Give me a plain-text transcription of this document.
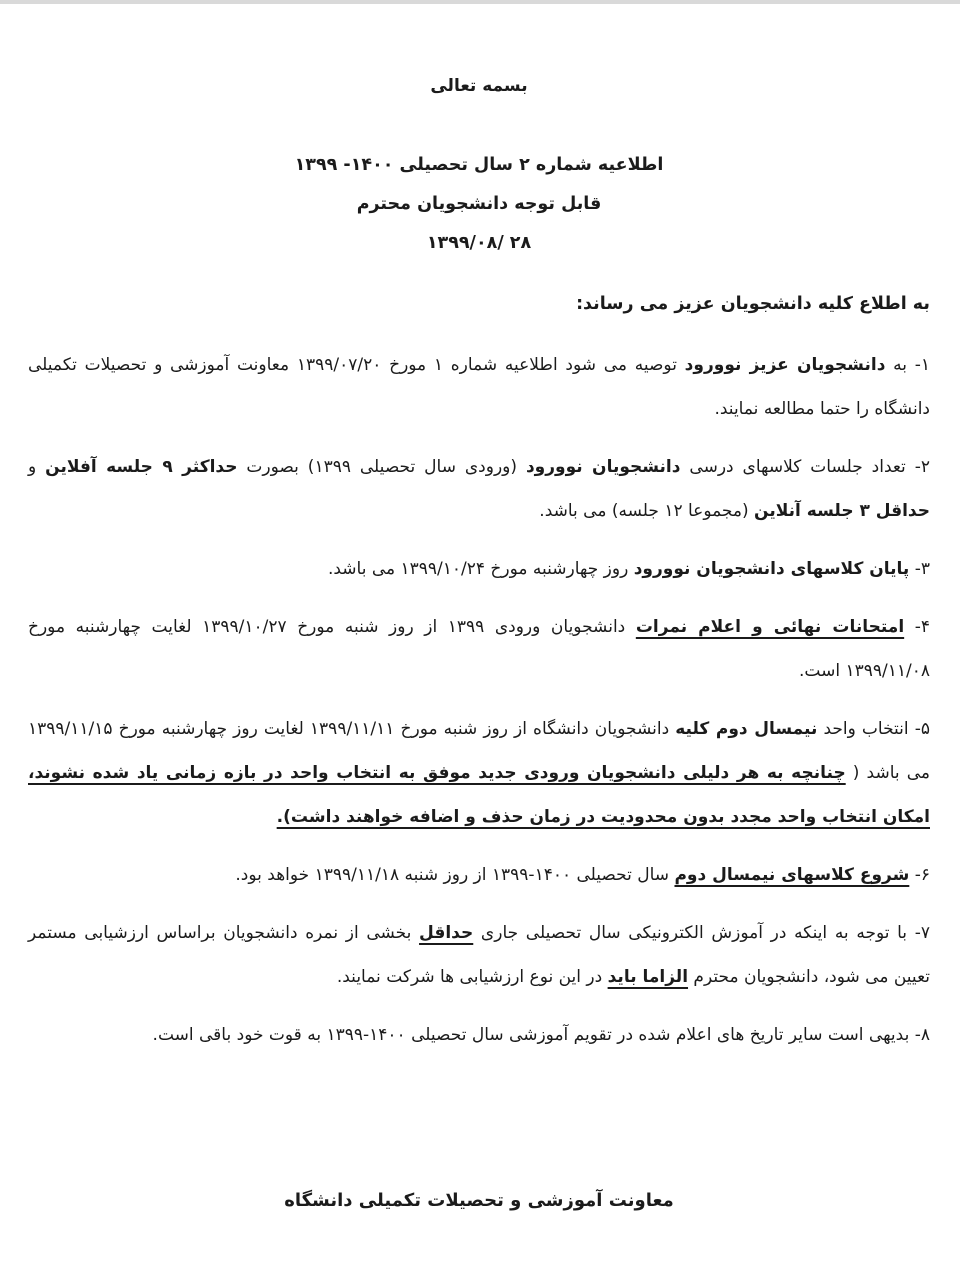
بسمه تعالی

اطلاعیه شماره ۲ سال تحصیلی ۱۴۰۰- ۱۳۹۹
قابل توجه دانشجویان محترم
۲۸ /۱۳۹۹/۰۸

به اطلاع کلیه دانشجویان عزیز می رساند:

۱- به دانشجویان عزیز نوورود توصیه می شود اطلاعیه شماره ۱ مورخ ۱۳۹۹/۰۷/۲۰ معاونت آموزشی و تحصیلات تکمیلی دانشگاه را حتما مطالعه نمایند.

۲- تعداد جلسات کلاسهای درسی دانشجویان نوورود (ورودی سال تحصیلی ۱۳۹۹) بصورت حداکثر ۹ جلسه آفلاین و حداقل ۳ جلسه آنلاین (مجموعا ۱۲ جلسه) می باشد.

۳- پایان کلاسهای دانشجویان نوورود روز چهارشنبه مورخ ۱۳۹۹/۱۰/۲۴ می باشد.

۴- امتحانات نهائی و اعلام نمرات دانشجویان ورودی ۱۳۹۹ از روز شنبه مورخ ۱۳۹۹/۱۰/۲۷ لغایت چهارشنبه مورخ ۱۳۹۹/۱۱/۰۸ است.

۵- انتخاب واحد نیمسال دوم کلیه دانشجویان دانشگاه از روز شنبه مورخ ۱۳۹۹/۱۱/۱۱ لغایت روز چهارشنبه مورخ ۱۳۹۹/۱۱/۱۵ می باشد ( چنانچه به هر دلیلی دانشجویان ورودی جدید موفق به انتخاب واحد در بازه زمانی یاد شده نشوند، امکان انتخاب واحد مجدد بدون محدودیت در زمان حذف و اضافه خواهند داشت).

۶- شروع کلاسهای نیمسال دوم سال تحصیلی ۱۴۰۰-۱۳۹۹ از روز شنبه ۱۳۹۹/۱۱/۱۸ خواهد بود.

۷- با توجه به اینکه در آموزش الکترونیکی سال تحصیلی جاری حداقل بخشی از نمره دانشجویان براساس ارزشیابی مستمر تعیین می شود، دانشجویان محترم الزاما باید در این نوع ارزشیابی ها شرکت نمایند.

۸- بدیهی است سایر تاریخ های اعلام شده در تقویم آموزشی سال تحصیلی ۱۴۰۰-۱۳۹۹ به قوت خود باقی است.

معاونت آموزشی و تحصیلات تکمیلی دانشگاه
